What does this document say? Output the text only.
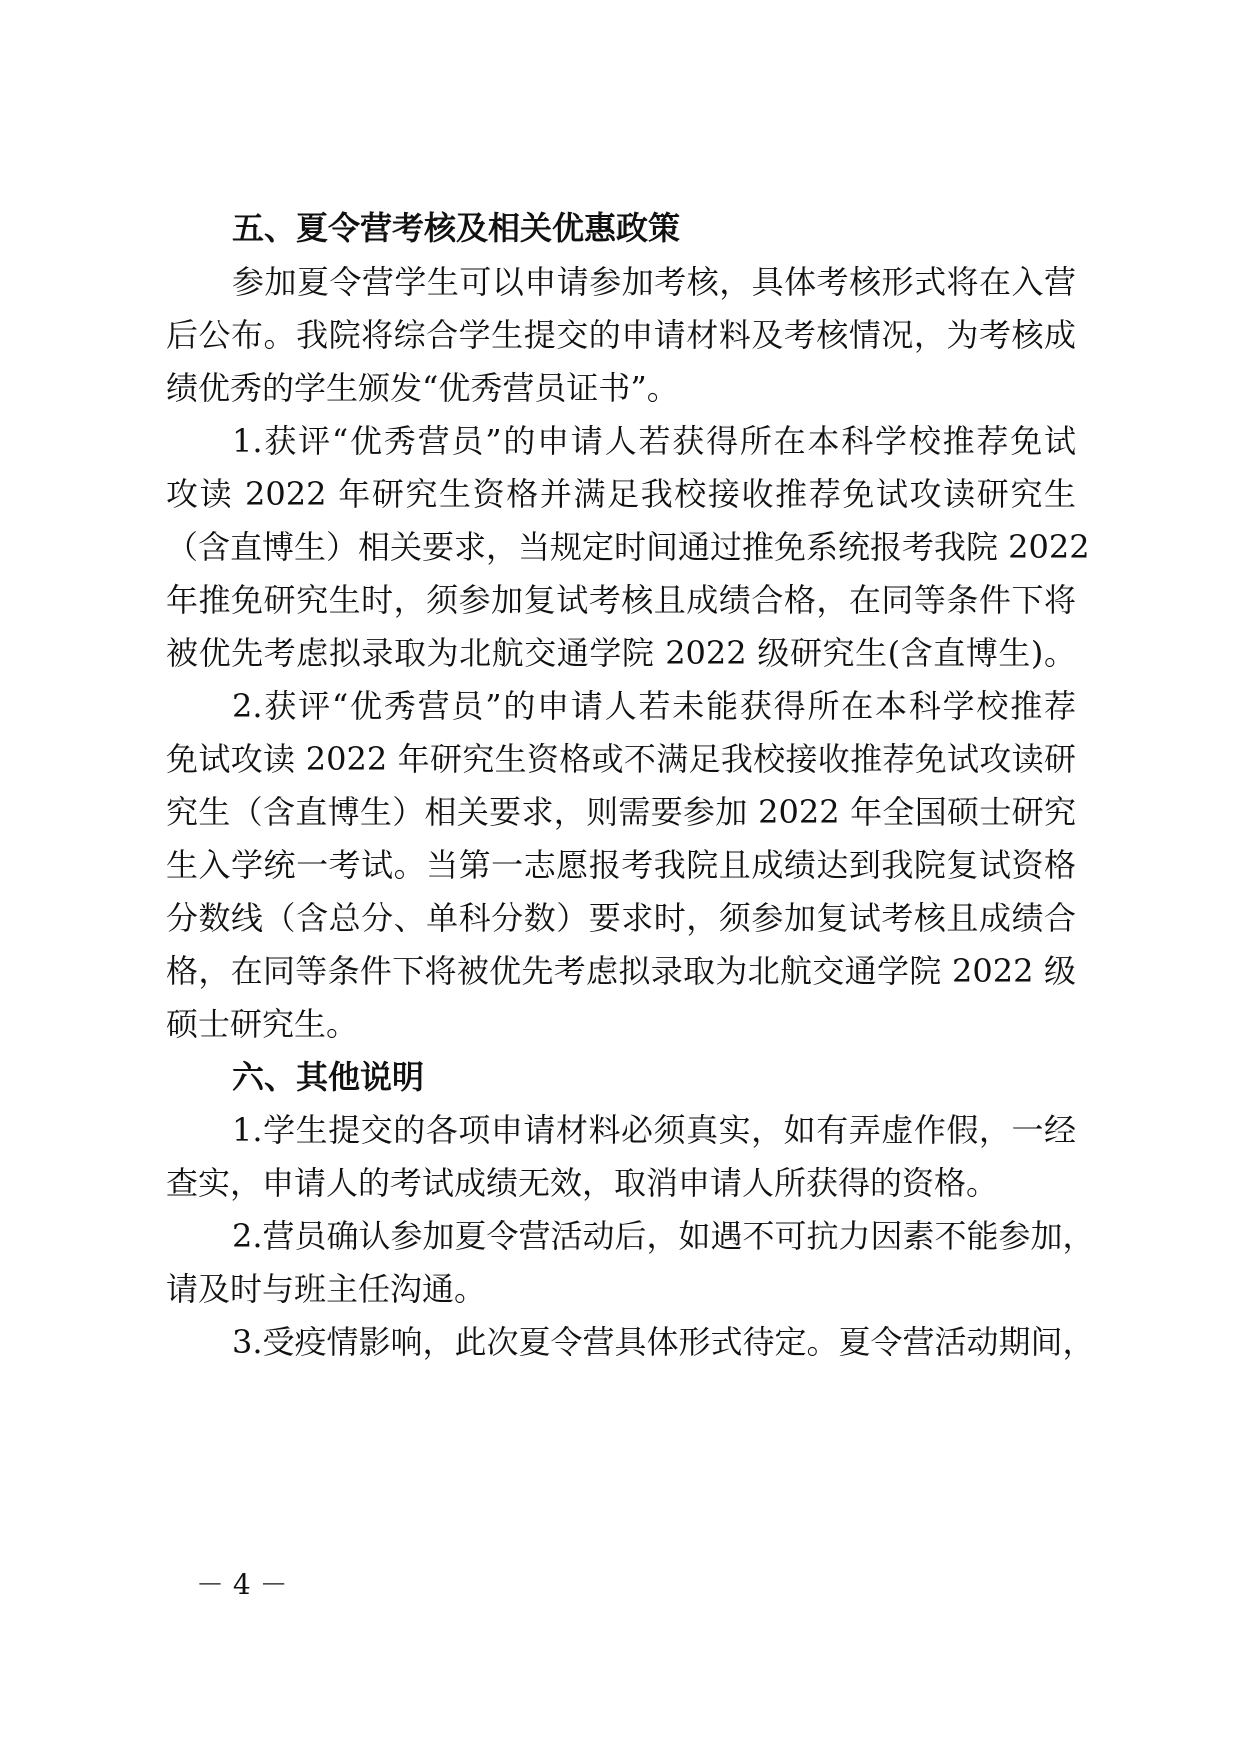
五、夏令营考核及相关优惠政策
参加夏令营学生可以申请参加考核，具体考核形式将在入营
后公布。我院将综合学生提交的申请材料及考核情况，为考核成
绩优秀的学生颁发“优秀营员证书”。
1.获评“优秀营员”的申请人若获得所在本科学校推荐免试
攻读 2022 年研究生资格并满足我校接收推荐免试攻读研究生
（含直博生）相关要求，当规定时间通过推免系统报考我院 2022
年推免研究生时，须参加复试考核且成绩合格，在同等条件下将
被优先考虑拟录取为北航交通学院 2022 级研究生(含直博生)。
2.获评“优秀营员”的申请人若未能获得所在本科学校推荐
免试攻读 2022 年研究生资格或不满足我校接收推荐免试攻读研
究生（含直博生）相关要求，则需要参加 2022 年全国硕士研究
生入学统一考试。当第一志愿报考我院且成绩达到我院复试资格
分数线（含总分、单科分数）要求时，须参加复试考核且成绩合
格，在同等条件下将被优先考虑拟录取为北航交通学院 2022 级
硕士研究生。
六、其他说明
1.学生提交的各项申请材料必须真实，如有弄虚作假，一经
查实，申请人的考试成绩无效，取消申请人所获得的资格。
2.营员确认参加夏令营活动后，如遇不可抗力因素不能参加，
请及时与班主任沟通。
3.受疫情影响，此次夏令营具体形式待定。夏令营活动期间，
－ 4 －
